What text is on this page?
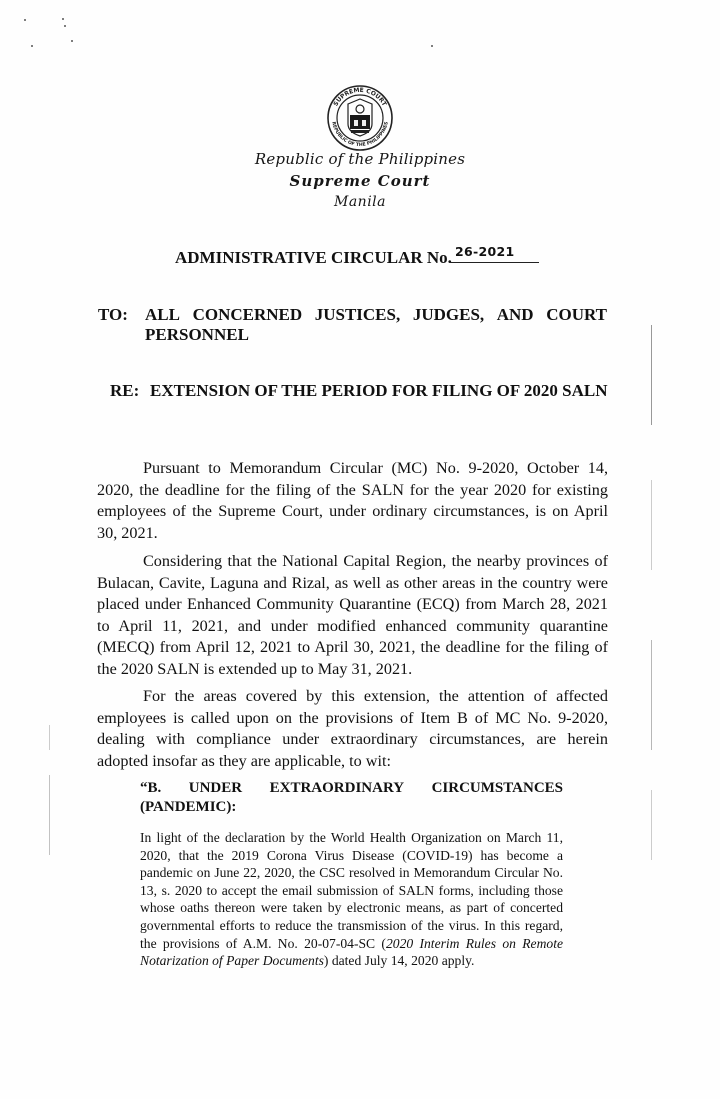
SUPREME COURT
REPUBLIC OF THE PHILIPPINES
Republic of the Philippines
Supreme Court
Manila
ADMINISTRATIVE CIRCULAR No. 26-2021
TO: ALL CONCERNED JUSTICES, JUDGES, AND COURT
PERSONNEL
RE: EXTENSION OF THE PERIOD FOR FILING OF 2020 SALN
Pursuant to Memorandum Circular (MC) No. 9-2020, October 14, 2020, the deadline for the filing of the SALN for the year 2020 for existing employees of the Supreme Court, under ordinary circumstances, is on April 30, 2021.
Considering that the National Capital Region, the nearby provinces of Bulacan, Cavite, Laguna and Rizal, as well as other areas in the country were placed under Enhanced Community Quarantine (ECQ) from March 28, 2021 to April 11, 2021, and under modified enhanced community quarantine (MECQ) from April 12, 2021 to April 30, 2021, the deadline for the filing of the 2020 SALN is extended up to May 31, 2021.
For the areas covered by this extension, the attention of affected employees is called upon on the provisions of Item B of MC No. 9-2020, dealing with compliance under extraordinary circumstances, are herein adopted insofar as they are applicable, to wit:
“B. UNDER EXTRAORDINARY CIRCUMSTANCES
(PANDEMIC):
In light of the declaration by the World Health Organization on March 11, 2020, that the 2019 Corona Virus Disease (COVID-19) has become a pandemic on June 22, 2020, the CSC resolved in Memorandum Circular No. 13, s. 2020 to accept the email submission of SALN forms, including those whose oaths thereon were taken by electronic means, as part of concerted governmental efforts to reduce the transmission of the virus. In this regard, the provisions of A.M. No. 20-07-04-SC (2020 Interim Rules on Remote Notarization of Paper Documents) dated July 14, 2020 apply.
